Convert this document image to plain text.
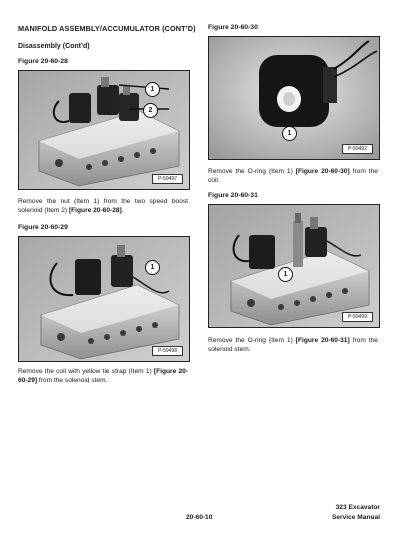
MANIFOLD ASSEMBLY/ACCUMULATOR (CONT’D)
Disassembly (Cont’d)
Figure 20-60-28
1
2
P-59497
Remove the nut (Item 1) from the two speed boost solenoid (Item 2) [Figure 20-60-28].
Figure 20-60-29
1
P-59498
Remove the coil with yellow tie strap (Item 1) [Figure 20-60-29] from the solenoid stem.
Figure 20-60-30
1
P-59492
Remove the O-ring (Item 1) [Figure 20-60-30] from the coil.
Figure 20-60-31
1
P-59499
Remove the O-ring (Item 1) [Figure 20-60-31] from the solenoid stem.
20-60-10
323 Excavator
Service Manual
